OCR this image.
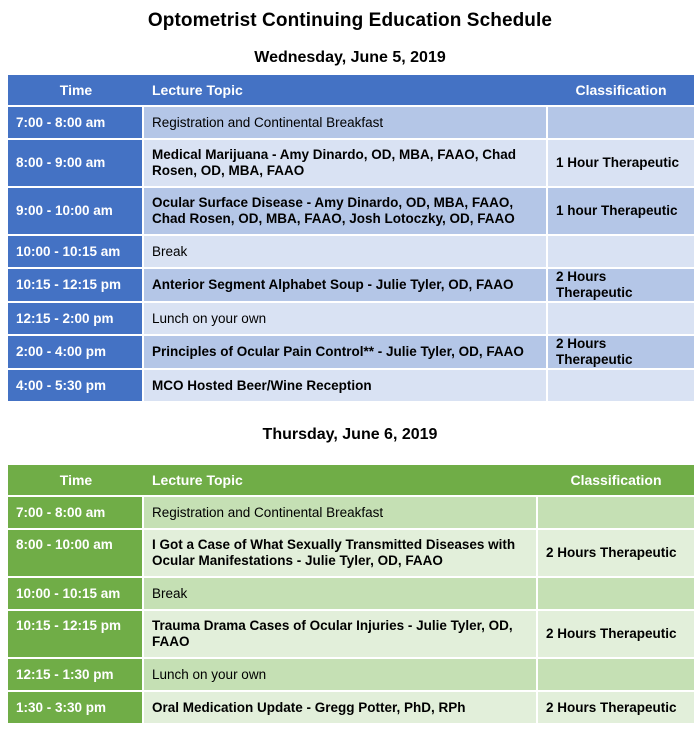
Optometrist Continuing Education Schedule
Wednesday, June 5, 2019
Time	Lecture Topic	Classification
7:00 - 8:00 am	Registration and Continental Breakfast	
8:00 - 9:00 am	Medical Marijuana - Amy Dinardo, OD, MBA, FAAO, Chad Rosen, OD, MBA, FAAO	1 Hour Therapeutic
9:00 - 10:00 am	Ocular Surface Disease - Amy Dinardo, OD, MBA, FAAO, Chad Rosen, OD, MBA, FAAO, Josh Lotoczky, OD, FAAO	1 hour Therapeutic
10:00 - 10:15 am	Break	
10:15 - 12:15 pm	Anterior Segment Alphabet Soup - Julie Tyler, OD, FAAO	2 Hours Therapeutic
12:15 - 2:00 pm	Lunch on your own	
2:00 - 4:00 pm	Principles of Ocular Pain Control** - Julie Tyler, OD, FAAO	2 Hours Therapeutic
4:00 - 5:30 pm	MCO Hosted Beer/Wine Reception	
Thursday, June 6, 2019
Time	Lecture Topic	Classification
7:00 - 8:00 am	Registration and Continental Breakfast	
8:00 - 10:00 am	I Got a Case of What Sexually Transmitted Diseases with Ocular Manifestations - Julie Tyler, OD, FAAO	2 Hours Therapeutic
10:00 - 10:15 am	Break	
10:15 - 12:15 pm	Trauma Drama Cases of Ocular Injuries - Julie Tyler, OD, FAAO	2 Hours Therapeutic
12:15 - 1:30 pm	Lunch on your own	
1:30 - 3:30 pm	Oral Medication Update - Gregg Potter, PhD, RPh	2 Hours Therapeutic
